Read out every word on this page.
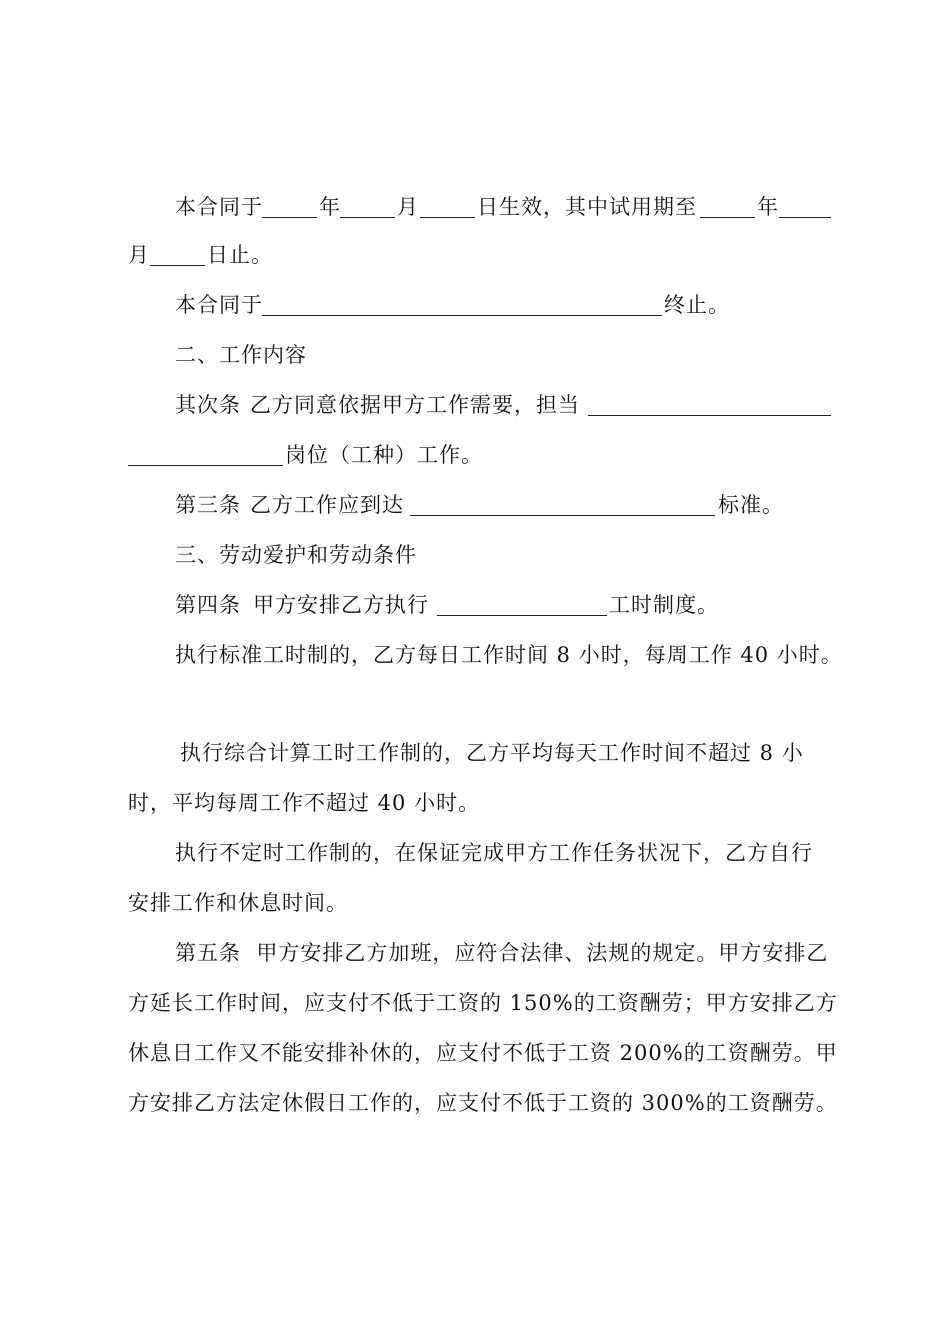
本合同于

	年

	月

	日生效，其中试用期至

	年

月

	日止。

本合同于

	终止。

二、工作内容

其次条

乙方同意依据甲方工作需要，担当

岗位（工种）工作。

第三条

乙方工作应到达

	标准。

三、劳动爱护和劳动条件

第四条

甲方安排乙方执行

	工时制度。

执行标准工时制的，乙方每日工作时间 8 小时，每周工作 40 小时。

执行综合计算工时工作制的，乙方平均每天工作时间不超过 8 小

时，平均每周工作不超过 40 小时。

执行不定时工作制的，在保证完成甲方工作任务状况下，乙方自行

安排工作和休息时间。

第五条  甲方安排乙方加班，应符合法律、法规的规定。甲方安排乙

方延长工作时间，应支付不低于工资的 150%的工资酬劳；甲方安排乙方

休息日工作又不能安排补休的，应支付不低于工资 200%的工资酬劳。甲

方安排乙方法定休假日工作的，应支付不低于工资的 300%的工资酬劳。
